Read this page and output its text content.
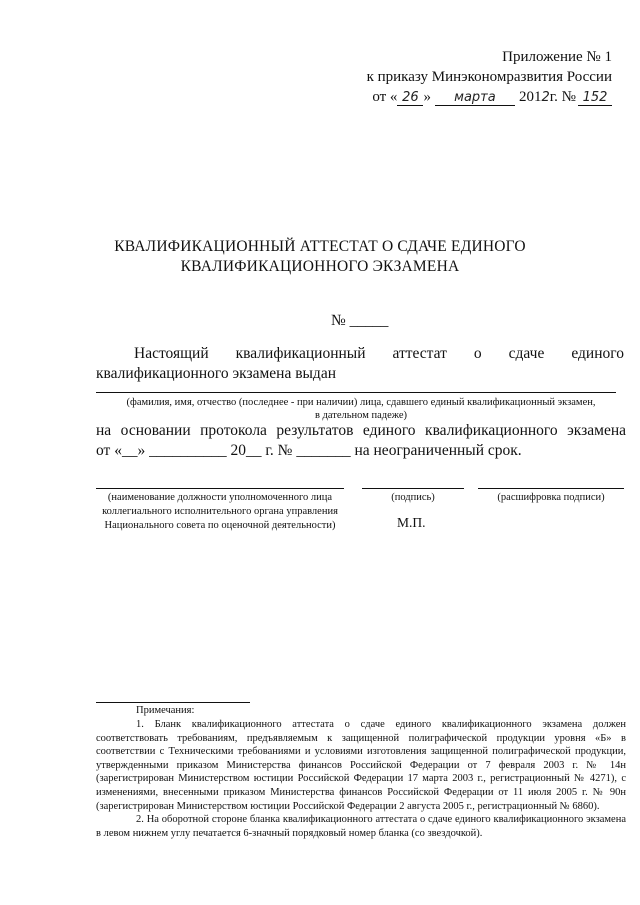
Приложение № 1
к приказу Минэкономразвития России
от « 26 » марта 2012г. № 152
КВАЛИФИКАЦИОННЫЙ АТТЕСТАТ О СДАЧЕ ЕДИНОГО
КВАЛИФИКАЦИОННОГО ЭКЗАМЕНА
№ _____
Настоящий квалификационный аттестат о сдаче единого
квалификационного экзамена выдан
(фамилия, имя, отчество (последнее - при наличии) лица, сдавшего единый квалификационный экзамен,
в дательном падеже)
на основании протокола результатов единого квалификационного экзамена
от «__» __________ 20__ г. № _______ на неограниченный срок.
(наименование должности уполномоченного лица
коллегиального исполнительного органа управления
Национального совета по оценочной деятельности)
(подпись)	(расшифровка подписи)
М.П.
Примечания:
1. Бланк квалификационного аттестата о сдаче единого квалификационного экзамена должен соответствовать требованиям, предъявляемым к защищенной полиграфической продукции уровня «Б» в соответствии с Техническими требованиями и условиями изготовления защищенной полиграфической продукции, утвержденными приказом Министерства финансов Российской Федерации от 7 февраля 2003 г. № 14н (зарегистрирован Министерством юстиции Российской Федерации 17 марта 2003 г., регистрационный № 4271), с изменениями, внесенными приказом Министерства финансов Российской Федерации от 11 июля 2005 г. № 90н (зарегистрирован Министерством юстиции Российской Федерации 2 августа 2005 г., регистрационный № 6860).
2. На оборотной стороне бланка квалификационного аттестата о сдаче единого квалификационного экзамена в левом нижнем углу печатается 6-значный порядковый номер бланка (со звездочкой).
